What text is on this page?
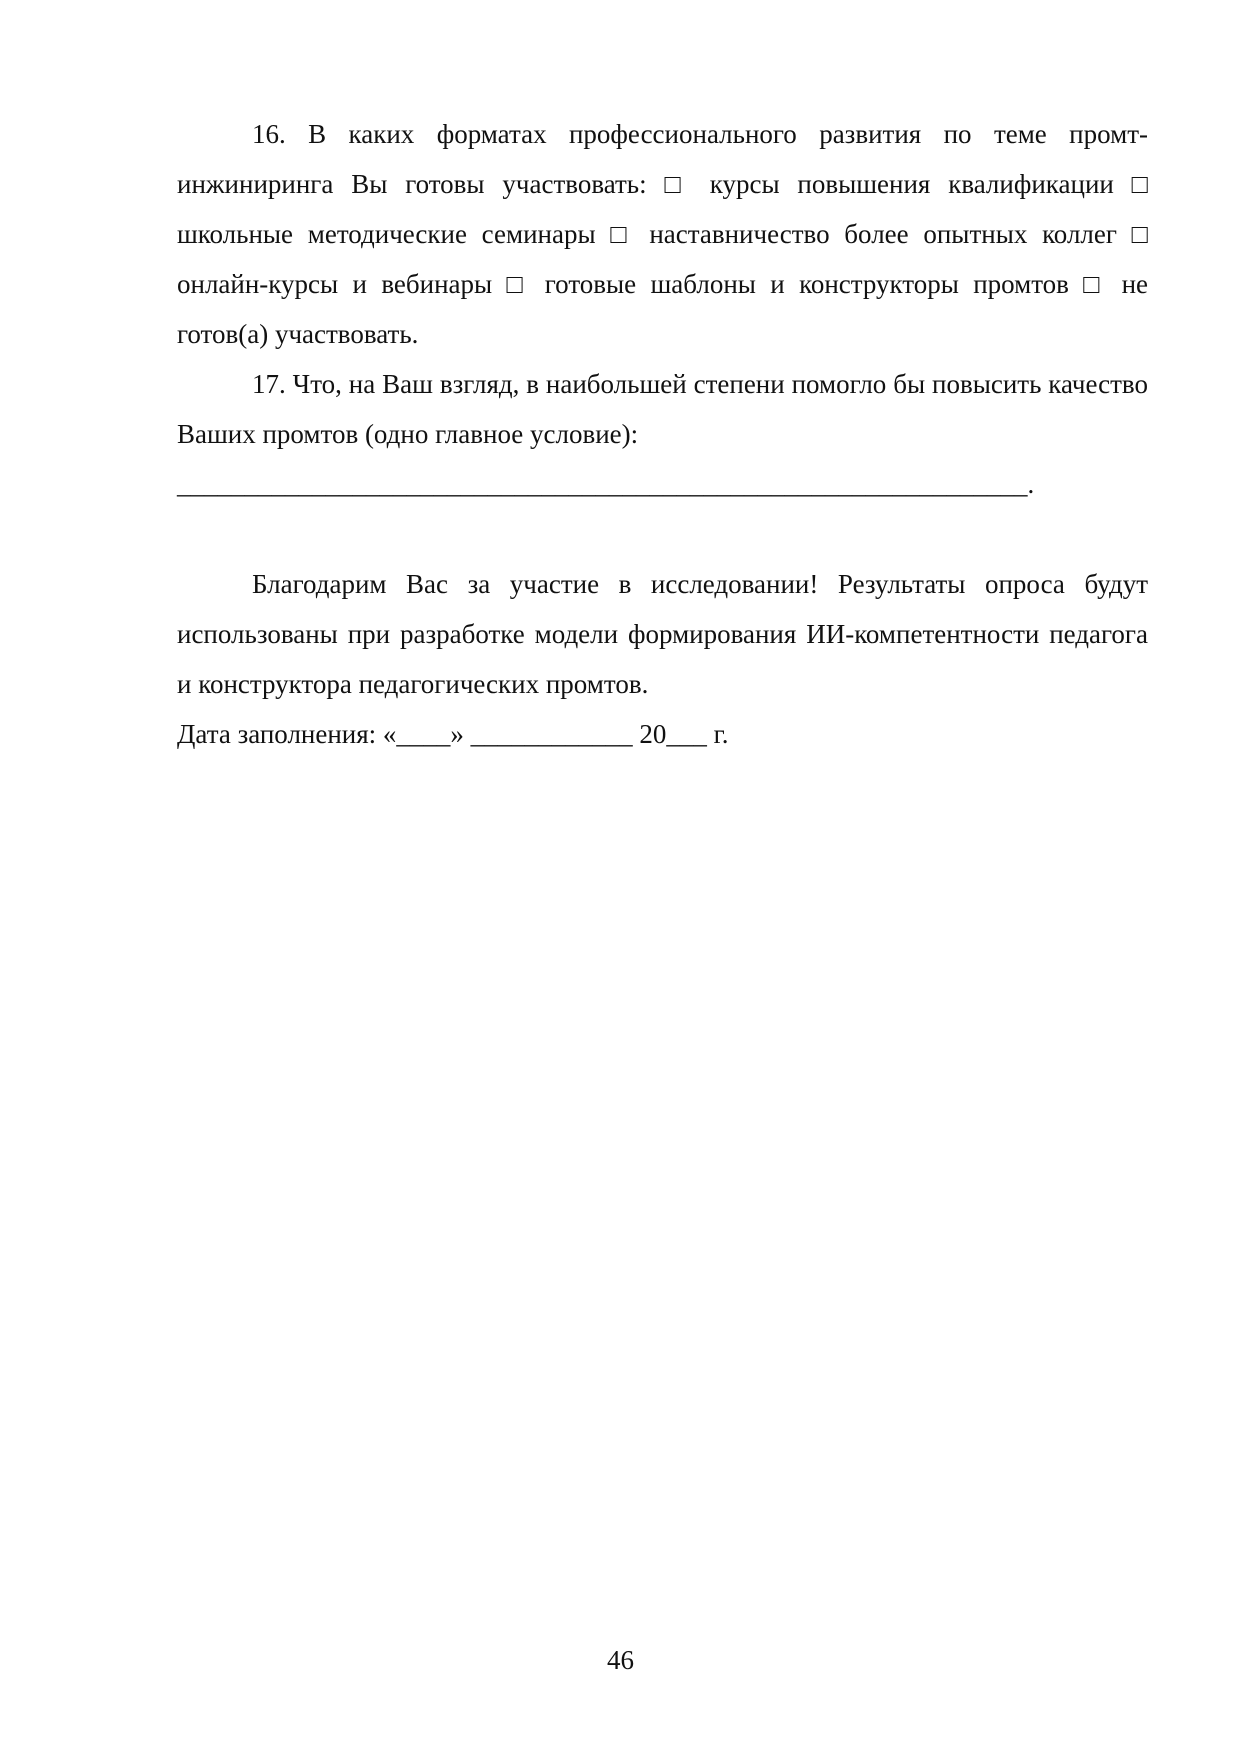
16. В каких форматах профессионального развития по теме промт-инжиниринга Вы готовы участвовать: □ курсы повышения квалификации □ школьные методические семинары □ наставничество более опытных коллег □ онлайн-курсы и вебинары □ готовые шаблоны и конструкторы промтов □ не готов(а) участвовать.

17. Что, на Ваш взгляд, в наибольшей степени помогло бы повысить качество Ваших промтов (одно главное условие):
_______________________________________________________________.

Благодарим Вас за участие в исследовании! Результаты опроса будут использованы при разработке модели формирования ИИ-компетентности педагога и конструктора педагогических промтов.

Дата заполнения: «____» ____________ 20___ г.

46
